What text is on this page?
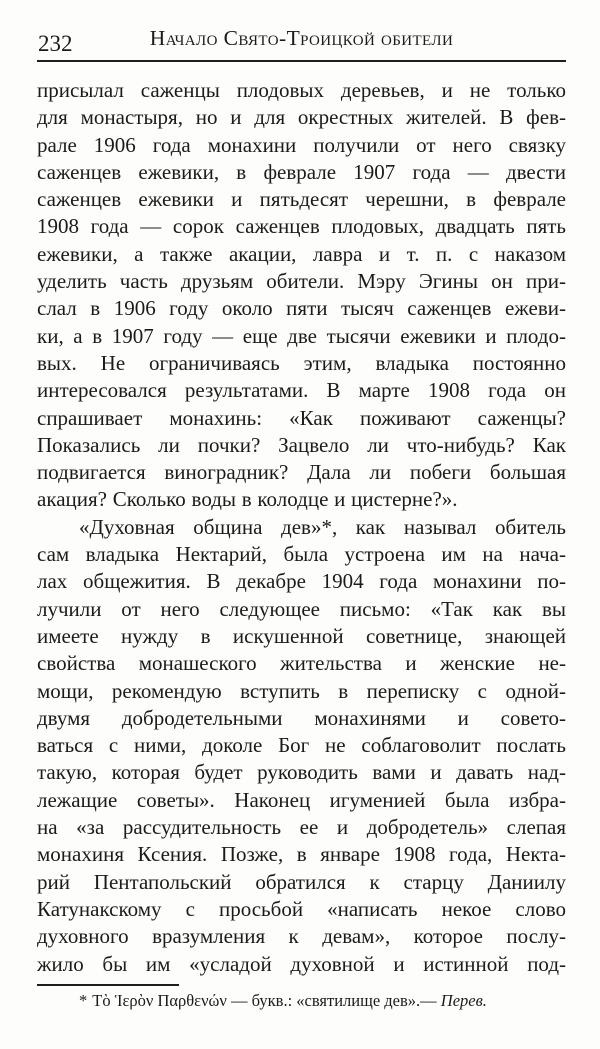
232	Начало Свято-Троицкой обители
присылал саженцы плодовых деревьев, и не только
для монастыря, но и для окрестных жителей. В фев-
рале 1906 года монахини получили от него связку
саженцев ежевики, в феврале 1907 года — двести
саженцев ежевики и пятьдесят черешни, в феврале
1908 года — сорок саженцев плодовых, двадцать пять
ежевики, а также акации, лавра и т. п. с наказом
уделить часть друзьям обители. Мэру Эгины он при-
слал в 1906 году около пяти тысяч саженцев ежеви-
ки, а в 1907 году — еще две тысячи ежевики и плодо-
вых. Не ограничиваясь этим, владыка постоянно
интересовался результатами. В марте 1908 года он
спрашивает монахинь: «Как поживают саженцы?
Показались ли почки? Зацвело ли что-нибудь? Как
подвигается виноградник? Дала ли побеги большая
акация? Сколько воды в колодце и цистерне?».
«Духовная община дев»*, как называл обитель
сам владыка Нектарий, была устроена им на нача-
лах общежития. В декабре 1904 года монахини по-
лучили от него следующее письмо: «Так как вы
имеете нужду в искушенной советнице, знающей
свойства монашеского жительства и женские не-
мощи, рекомендую вступить в переписку с одной-
двумя добродетельными монахинями и совето-
ваться с ними, доколе Бог не соблаговолит послать
такую, которая будет руководить вами и давать над-
лежащие советы». Наконец игуменией была избра-
на «за рассудительность ее и добродетель» слепая
монахиня Ксения. Позже, в январе 1908 года, Некта-
рий Пентапольский обратился к старцу Даниилу
Катунакскому с просьбой «написать некое слово
духовного вразумления к девам», которое послу-
жило бы им «усладой духовной и истинной под-
* Τὸ Ἱερὸν Παρθενών — букв.: «святилище дев».— Перев.
